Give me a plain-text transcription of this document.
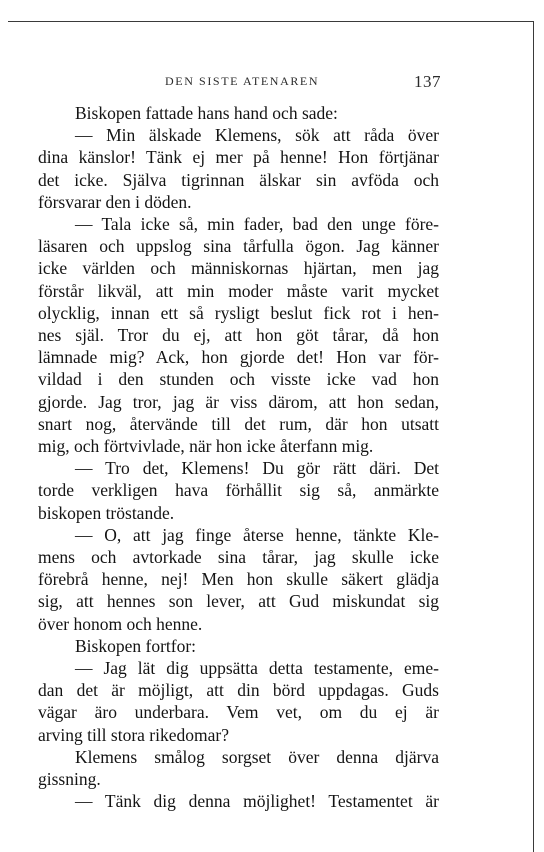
DEN SISTE ATENAREN	137
Biskopen fattade hans hand och sade:
— Min älskade Klemens, sök att råda över
dina känslor! Tänk ej mer på henne! Hon förtjänar
det icke. Själva tigrinnan älskar sin avföda och
försvarar den i döden.
— Tala icke så, min fader, bad den unge före-
läsaren och uppslog sina tårfulla ögon. Jag känner
icke världen och människornas hjärtan, men jag
förstår likväl, att min moder måste varit mycket
olycklig, innan ett så rysligt beslut fick rot i hen-
nes själ. Tror du ej, att hon göt tårar, då hon
lämnade mig? Ack, hon gjorde det! Hon var för-
vildad i den stunden och visste icke vad hon
gjorde. Jag tror, jag är viss därom, att hon sedan,
snart nog, återvände till det rum, där hon utsatt
mig, och förtvivlade, när hon icke återfann mig.
— Tro det, Klemens! Du gör rätt däri. Det
torde verkligen hava förhållit sig så, anmärkte
biskopen tröstande.
— O, att jag finge återse henne, tänkte Kle-
mens och avtorkade sina tårar, jag skulle icke
förebrå henne, nej! Men hon skulle säkert glädja
sig, att hennes son lever, att Gud miskundat sig
över honom och henne.
Biskopen fortfor:
— Jag lät dig uppsätta detta testamente, eme-
dan det är möjligt, att din börd uppdagas. Guds
vägar äro underbara. Vem vet, om du ej är
arving till stora rikedomar?
Klemens smålog sorgset över denna djärva
gissning.
— Tänk dig denna möjlighet! Testamentet är
